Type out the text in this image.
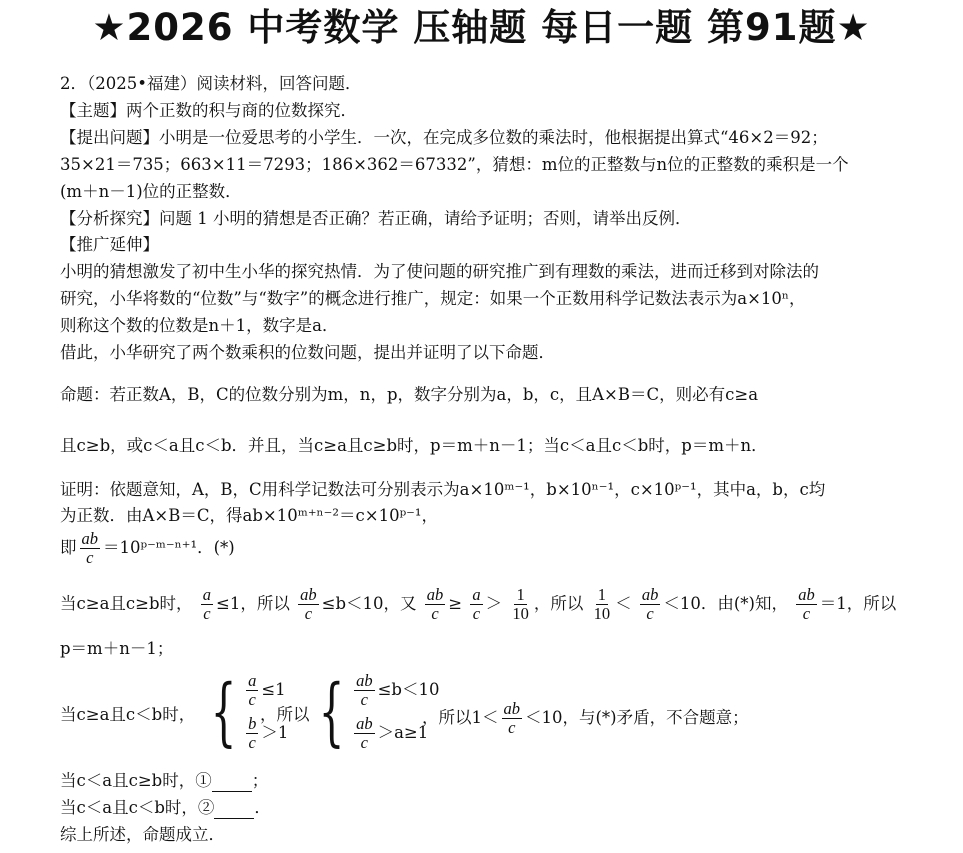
★2026 中考数学 压轴题 每日一题 第91题★
2．（2025•福建）阅读材料，回答问题．
【主题】两个正数的积与商的位数探究．
【提出问题】小明是一位爱思考的小学生．一次，在完成多位数的乘法时，他根据提出算式“46×2＝92；
35×21＝735；663×11＝7293；186×362＝67332”，猜想：m位的正整数与n位的正整数的乘积是一个
(m＋n－1)位的正整数．
【分析探究】问题 1 小明的猜想是否正确？若正确，请给予证明；否则，请举出反例．
【推广延伸】
小明的猜想激发了初中生小华的探究热情．为了使问题的研究推广到有理数的乘法，进而迁移到对除法的
研究，小华将数的“位数”与“数字”的概念进行推广，规定：如果一个正数用科学记数法表示为a×10ⁿ，
则称这个数的位数是n＋1，数字是a．
借此，小华研究了两个数乘积的位数问题，提出并证明了以下命题．
命题：若正数A，B，C的位数分别为m，n，p，数字分别为a，b，c，且A×B＝C，则必有c≥a
且c≥b，或c＜a且c＜b．并且，当c≥a且c≥b时，p＝m＋n－1；当c＜a且c＜b时，p＝m＋n．
证明：依题意知，A，B，C用科学记数法可分别表示为a×10ᵐ⁻¹，b×10ⁿ⁻¹，c×10ᵖ⁻¹，其中a，b，c均
为正数．由A×B＝C，得ab×10ᵐ⁺ⁿ⁻²＝c×10ᵖ⁻¹，
即 $\frac{ab}{c}$ ＝10ᵖ⁻ᵐ⁻ⁿ⁺¹．(*)
当c≥a且c≥b时， $\frac{a}{c} \le 1$，所以 $\frac{ab}{c} \le b<10$，又 $\frac{ab}{c} \ge \frac{a}{c} > \frac{1}{10}$ ，所以 $\frac{1}{10} < \frac{ab}{c} <10$．由(*)知， $\frac{ab}{c} =1$，所以
p＝m＋n－1；
当c≥a且c＜b时， { $\frac{a}{c} \le 1$
$\frac{b}{c} >1$
，所以 { $\frac{ab}{c} \le b<10$
$\frac{ab}{c} >a\ge 1$
，所以$1< \frac{ab}{c} <10$，与(*)矛盾，不合题意；
当c＜a且c≥b时，① ；
当c＜a且c＜b时，② ．
综上所述，命题成立．
